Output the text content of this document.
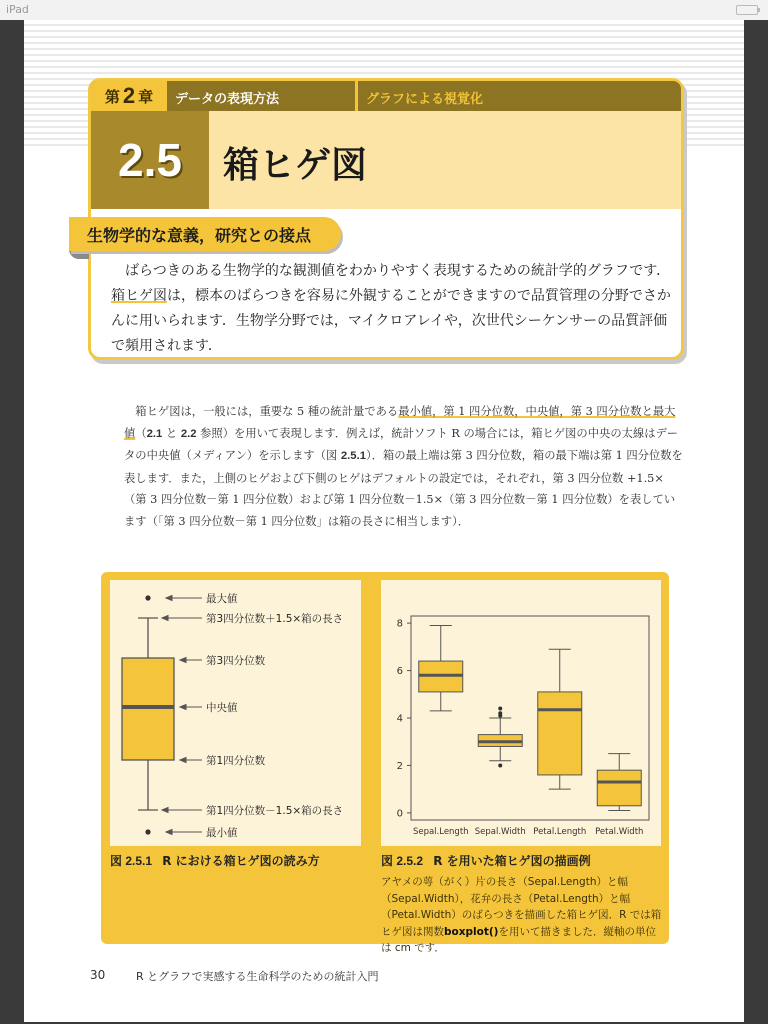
iPad
第 2 章 データの表現方法	グラフによる視覚化
2.5	箱ヒゲ図
生物学的な意義，研究との接点

ばらつきのある生物学的な観測値をわかりやすく表現するための統計学的グラフです．箱ヒゲ図は，標本のばらつきを容易に外観することができますので品質管理の分野でさかんに用いられます．生物学分野では，マイクロアレイや，次世代シーケンサーの品質評価で頻用されます．

箱ヒゲ図は，一般には，重要な 5 種の統計量である最小値，第 1 四分位数，中央値，第 3 四分位数と最大値（2.1 と 2.2 参照）を用いて表現します．例えば，統計ソフト R の場合には，箱ヒゲ図の中央の太線はデータの中央値（メディアン）を示します（図 2.5.1）．箱の最上端は第 3 四分位数，箱の最下端は第 1 四分位数を表します．また，上側のヒゲおよび下側のヒゲはデフォルトの設定では，それぞれ，第 3 四分位数 +1.5×（第 3 四分位数－第 1 四分位数）および第 1 四分位数－1.5×（第 3 四分位数－第 1 四分位数）を表しています（「第 3 四分位数－第 1 四分位数」は箱の長さに相当します）．

最大値
第3四分位数＋1.5×箱の長さ
第3四分位数
中央値
第1四分位数
第1四分位数－1.5×箱の長さ
最小値
0
2
4
6
8
Sepal.Length Sepal.Width Petal.Length Petal.Width
図 2.5.1 R における箱ヒゲ図の読み方	図 2.5.2 R を用いた箱ヒゲ図の描画例

アヤメの萼（がく）片の長さ（Sepal.Length）と幅（Sepal.Width），花弁の長さ（Petal.Length）と幅（Petal.Width）のばらつきを描画した箱ヒゲ図．R では箱ヒゲ図は関数boxplot()を用いて描きました．縦軸の単位は cm です．

30	R とグラフで実感する生命科学のための統計入門
